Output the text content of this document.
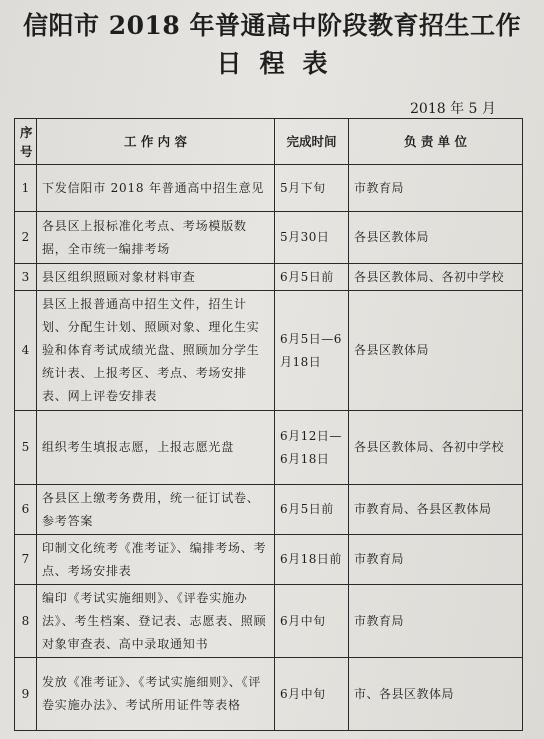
信阳市 2018 年普通高中阶段教育招生工作
日程表
2018 年 5 月
序
号	工 作 内 容	完成时间	负 责 单 位
1	下发信阳市 2018 年普通高中招生意见	5月下旬	市教育局
2	各县区上报标准化考点、考场模版数据，全市统一编排考场	5月30日	各县区教体局
3	县区组织照顾对象材料审查	6月5日前	各县区教体局、各初中学校
4	县区上报普通高中招生文件，招生计划、分配生计划、照顾对象、理化生实验和体育考试成绩光盘、照顾加分学生统计表、上报考区、考点、考场安排表、网上评卷安排表	6月5日—6月18日	各县区教体局
5	组织考生填报志愿，上报志愿光盘	6月12日—6月18日	各县区教体局、各初中学校
6	各县区上缴考务费用，统一征订试卷、参考答案	6月5日前	市教育局、各县区教体局
7	印制文化统考《准考证》、编排考场、考点、考场安排表	6月18日前	市教育局
8	编印《考试实施细则》、《评卷实施办法》、考生档案、登记表、志愿表、照顾对象审查表、高中录取通知书	6月中旬	市教育局
9	发放《准考证》、《考试实施细则》、《评卷实施办法》、考试所用证件等表格	6月中旬	市、各县区教体局
